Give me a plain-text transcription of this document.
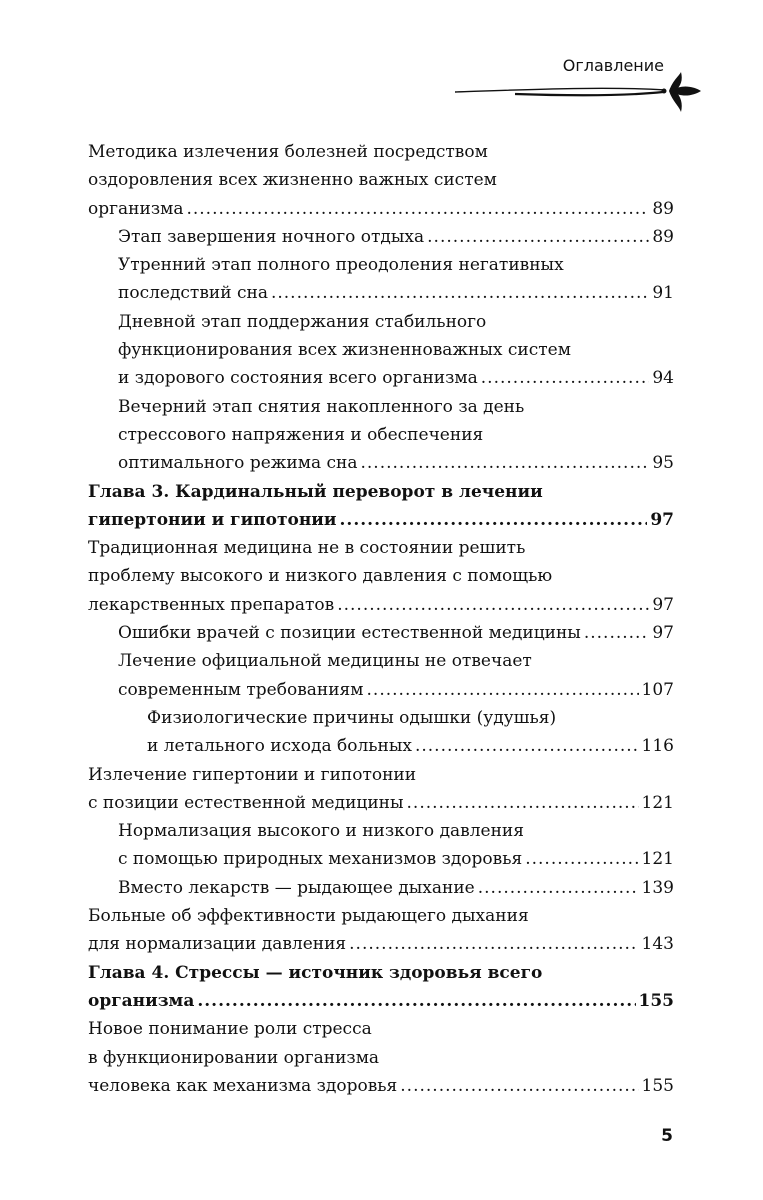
Оглавление
Методика излечения болезней посредством
оздоровления всех жизненно важных систем
организма .....	89
Этап завершения ночного отдыха .....	89
Утренний этап полного преодоления негативных
последствий сна .....	91
Дневной этап поддержания стабильного
функционирования всех жизненноважных систем
и здорового состояния всего организма .....	94
Вечерний этап снятия накопленного за день
стрессового напряжения и обеспечения
оптимального режима сна .....	95
Глава 3. Кардинальный переворот в лечении
гипертонии и гипотонии .....	97
Традиционная медицина не в состоянии решить
проблему высокого и низкого давления с помощью
лекарственных препаратов .....	97
Ошибки врачей с позиции естественной медицины .....	97
Лечение официальной медицины не отвечает
современным требованиям .....	107
Физиологические причины одышки (удушья)
и летального исхода больных .....	116
Излечение гипертонии и гипотонии
с позиции естественной медицины .....	121
Нормализация высокого и низкого давления
с помощью природных механизмов здоровья .....	121
Вместо лекарств — рыдающее дыхание .....	139
Больные об эффективности рыдающего дыхания
для нормализации давления .....	143
Глава 4. Стрессы — источник здоровья всего
организма .....	155
Новое понимание роли стресса
в функционировании организма
человека как механизма здоровья .....	155
5
